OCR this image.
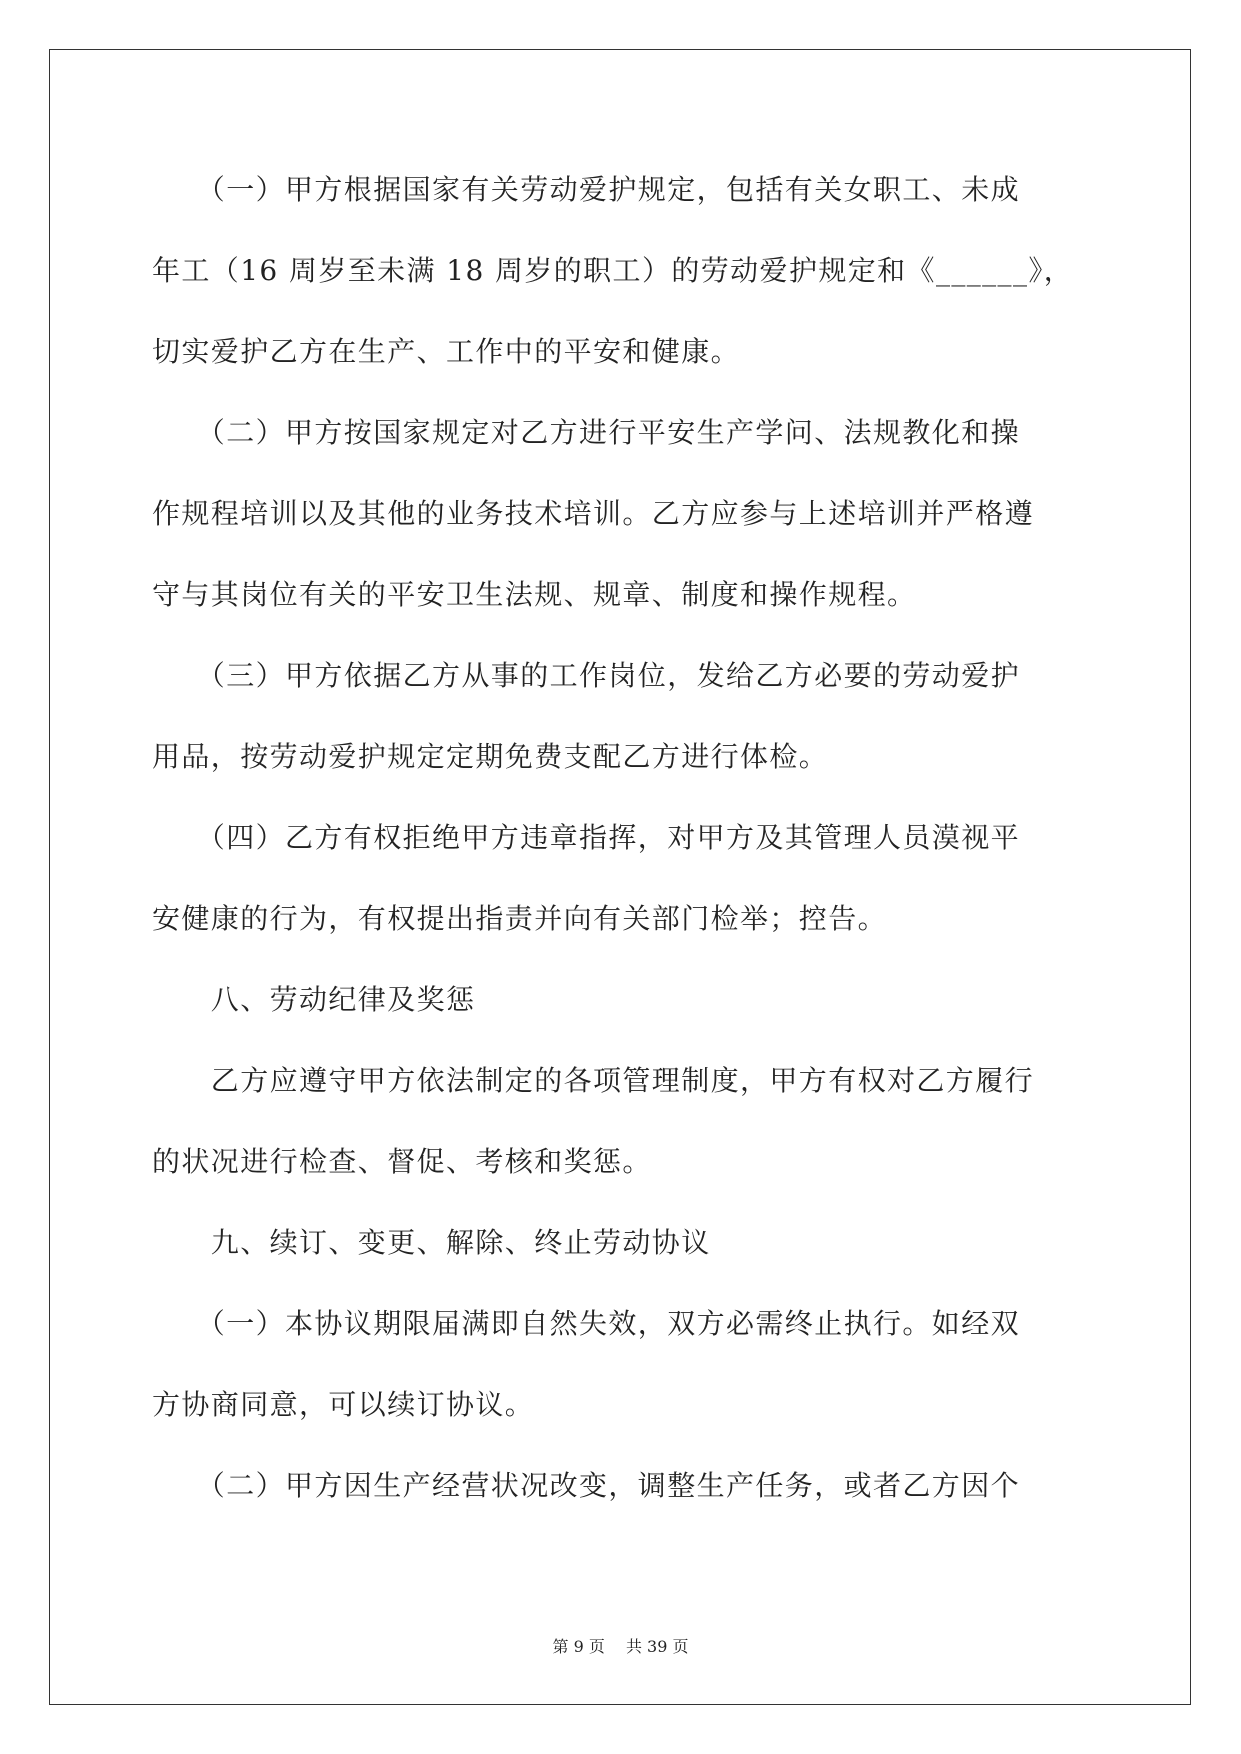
　　（一）甲方根据国家有关劳动爱护规定，包括有关女职工、未成
年工（16 周岁至未满 18 周岁的职工）的劳动爱护规定和《______》，
切实爱护乙方在生产、工作中的平安和健康。
　　（二）甲方按国家规定对乙方进行平安生产学问、法规教化和操
作规程培训以及其他的业务技术培训。乙方应参与上述培训并严格遵
守与其岗位有关的平安卫生法规、规章、制度和操作规程。
　　（三）甲方依据乙方从事的工作岗位，发给乙方必要的劳动爱护
用品，按劳动爱护规定定期免费支配乙方进行体检。
　　（四）乙方有权拒绝甲方违章指挥，对甲方及其管理人员漠视平
安健康的行为，有权提出指责并向有关部门检举；控告。
　　八、劳动纪律及奖惩
　　乙方应遵守甲方依法制定的各项管理制度，甲方有权对乙方履行
的状况进行检查、督促、考核和奖惩。
　　九、续订、变更、解除、终止劳动协议
　　（一）本协议期限届满即自然失效，双方必需终止执行。如经双
方协商同意，可以续订协议。
　　（二）甲方因生产经营状况改变，调整生产任务，或者乙方因个
第 9 页　 共 39 页
